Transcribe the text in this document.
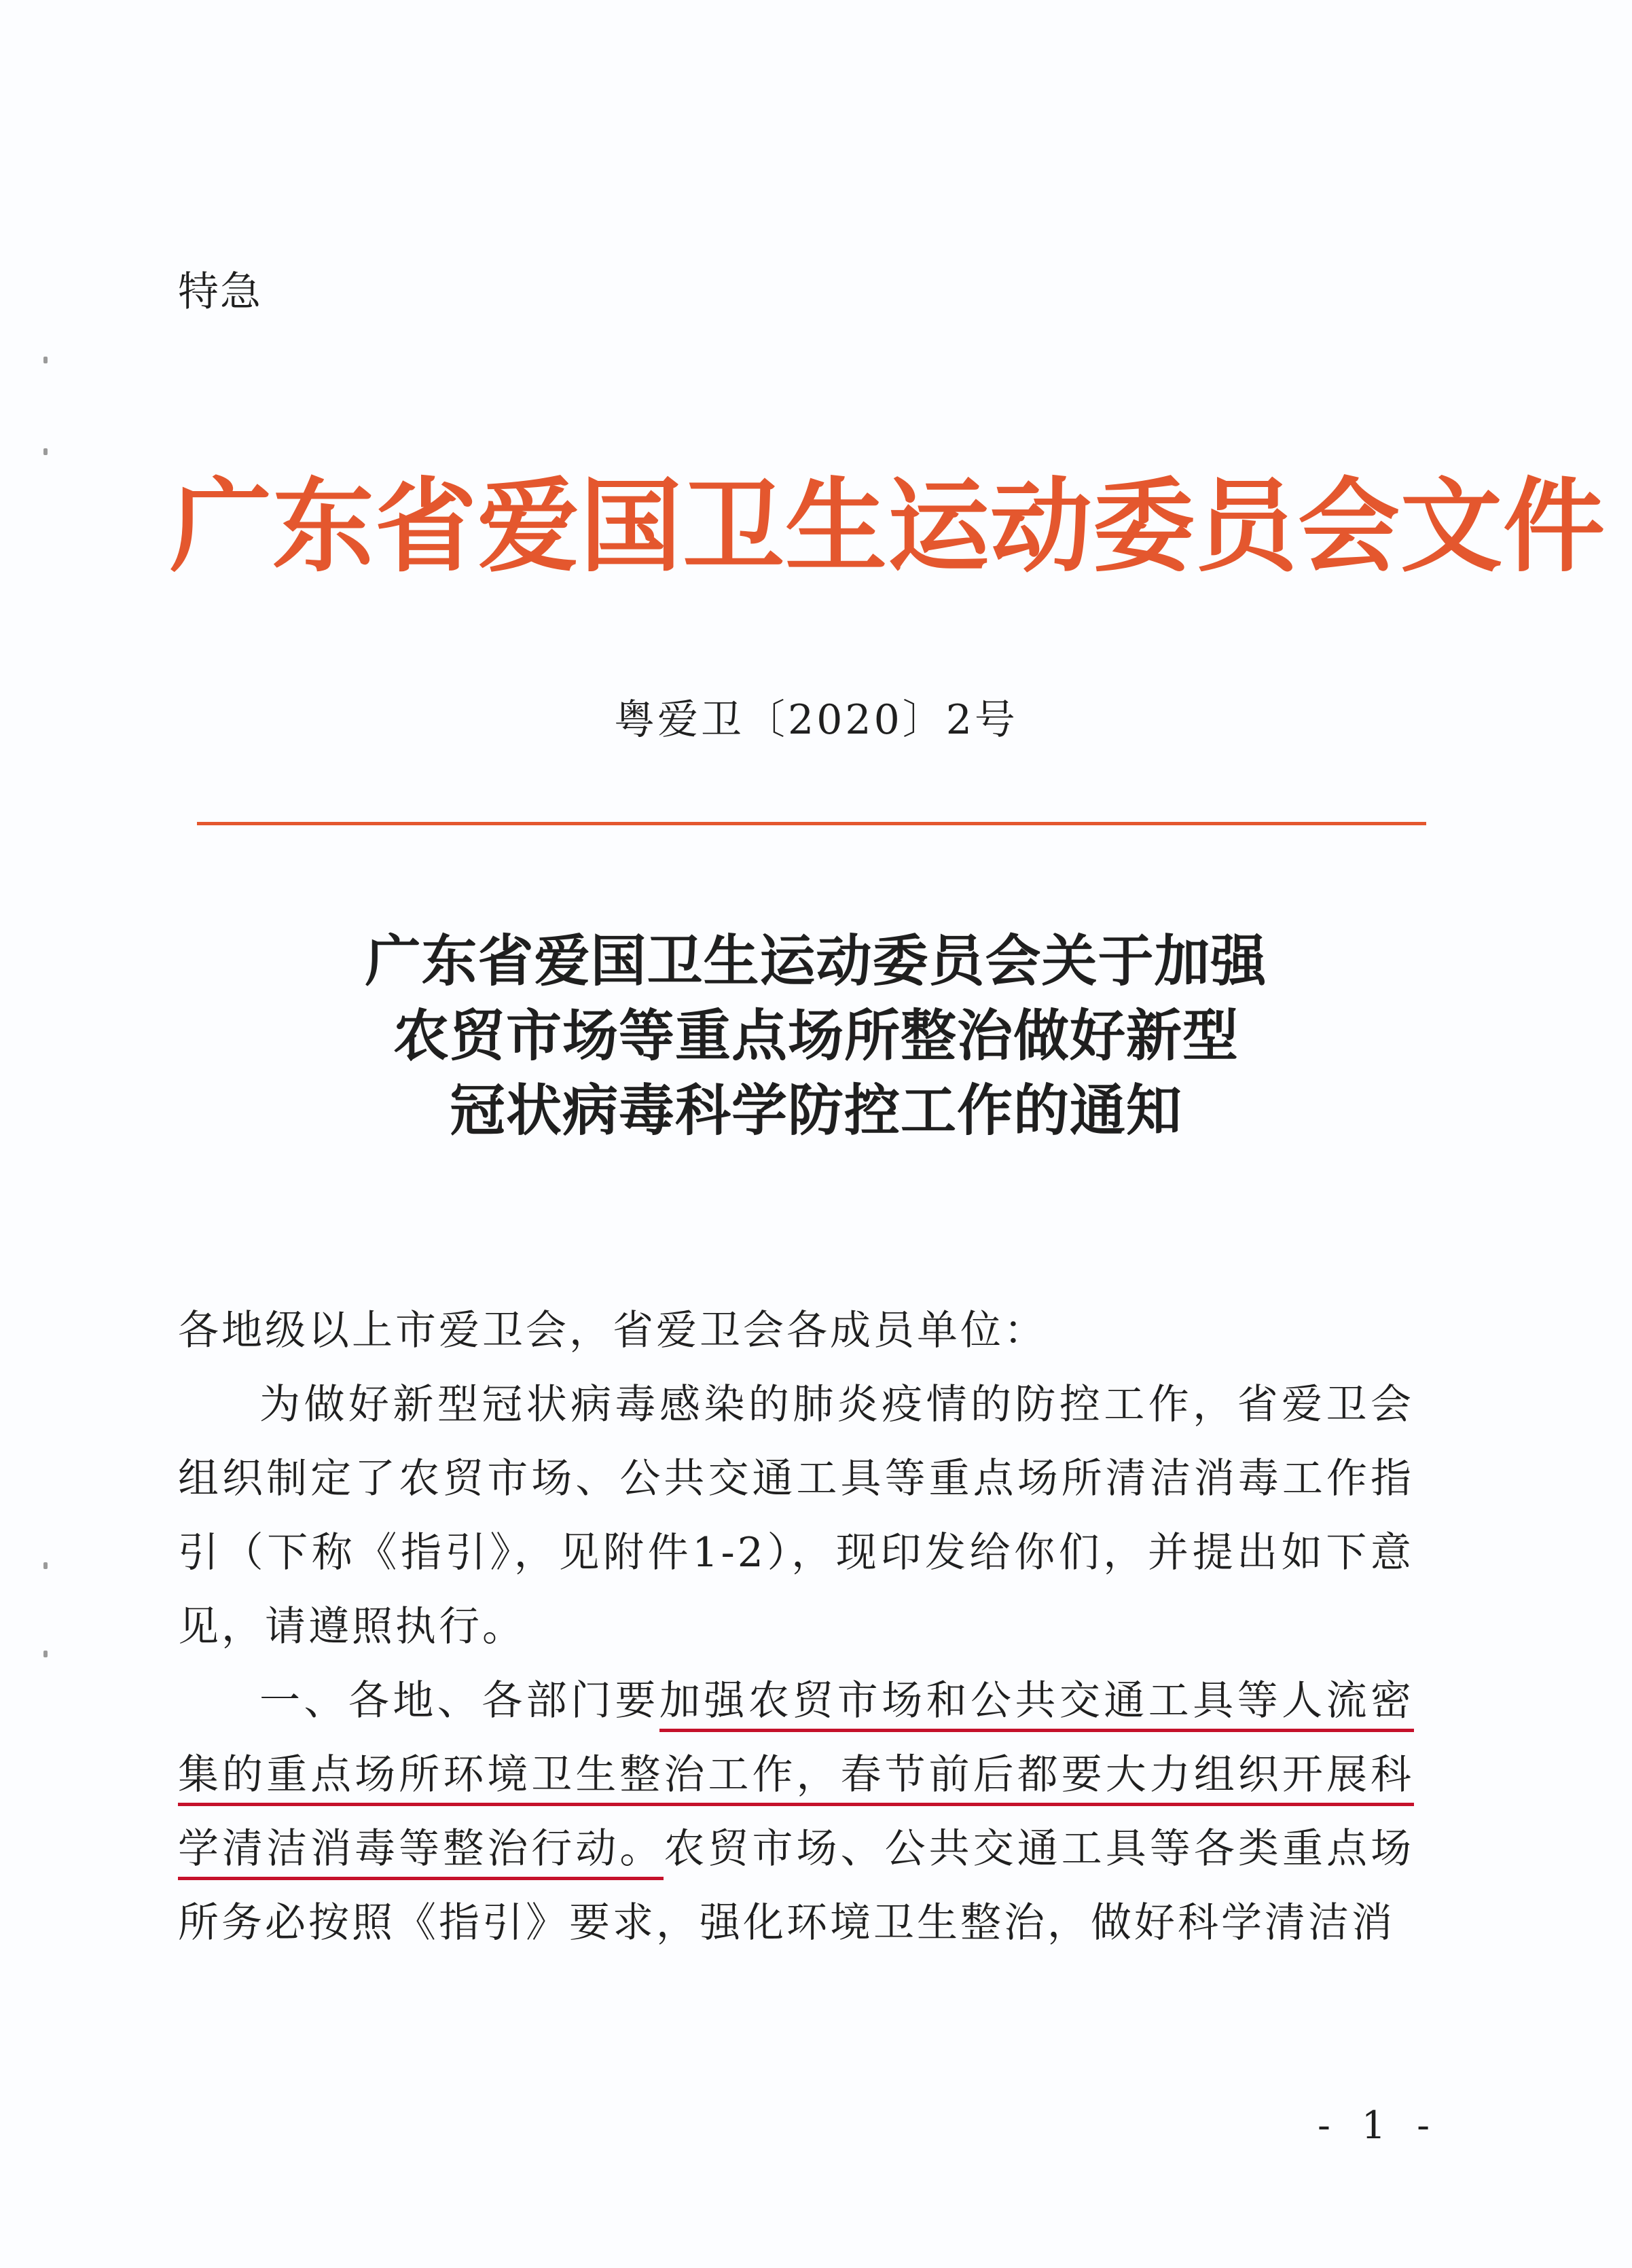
特急
广东省爱国卫生运动委员会文件
粤爱卫〔2020〕2号
广东省爱国卫生运动委员会关于加强
农贸市场等重点场所整治做好新型
冠状病毒科学防控工作的通知

各地级以上市爱卫会，省爱卫会各成员单位：

为做好新型冠状病毒感染的肺炎疫情的防控工作，省爱卫会组织制定了农贸市场、公共交通工具等重点场所清洁消毒工作指引（下称《指引》，见附件1-2），现印发给你们，并提出如下意见，请遵照执行。

一、各地、各部门要加强农贸市场和公共交通工具等人流密集的重点场所环境卫生整治工作，春节前后都要大力组织开展科学清洁消毒等整治行动。农贸市场、公共交通工具等各类重点场所务必按照《指引》要求，强化环境卫生整治，做好科学清洁消

- 1 -
